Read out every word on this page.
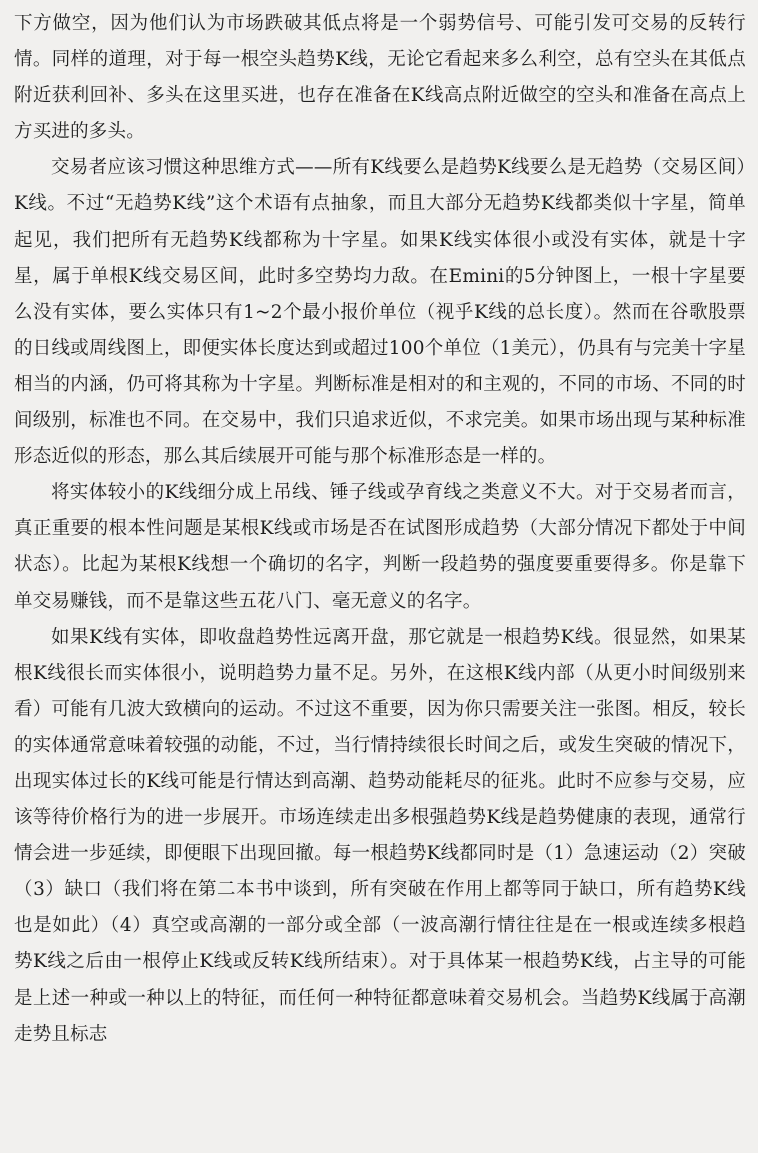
下方做空，因为他们认为市场跌破其低点将是一个弱势信号、可能引发可交易的反转行情。同样的道理，对于每一根空头趋势K线，无论它看起来多么利空，总有空头在其低点附近获利回补、多头在这里买进，也存在准备在K线高点附近做空的空头和准备在高点上方买进的多头。

交易者应该习惯这种思维方式——所有K线要么是趋势K线要么是无趋势（交易区间）K线。不过“无趋势K线”这个术语有点抽象，而且大部分无趋势K线都类似十字星，简单起见，我们把所有无趋势K线都称为十字星。如果K线实体很小或没有实体，就是十字星，属于单根K线交易区间，此时多空势均力敌。在Emini的5分钟图上，一根十字星要么没有实体，要么实体只有1~2个最小报价单位（视乎K线的总长度）。然而在谷歌股票的日线或周线图上，即便实体长度达到或超过100个单位（1美元），仍具有与完美十字星相当的内涵，仍可将其称为十字星。判断标准是相对的和主观的，不同的市场、不同的时间级别，标准也不同。在交易中，我们只追求近似，不求完美。如果市场出现与某种标准形态近似的形态，那么其后续展开可能与那个标准形态是一样的。

将实体较小的K线细分成上吊线、锤子线或孕育线之类意义不大。对于交易者而言，真正重要的根本性问题是某根K线或市场是否在试图形成趋势（大部分情况下都处于中间状态）。比起为某根K线想一个确切的名字，判断一段趋势的强度要重要得多。你是靠下单交易赚钱，而不是靠这些五花八门、毫无意义的名字。

如果K线有实体，即收盘趋势性远离开盘，那它就是一根趋势K线。很显然，如果某根K线很长而实体很小，说明趋势力量不足。另外，在这根K线内部（从更小时间级别来看）可能有几波大致横向的运动。不过这不重要，因为你只需要关注一张图。相反，较长的实体通常意味着较强的动能，不过，当行情持续很长时间之后，或发生突破的情况下，出现实体过长的K线可能是行情达到高潮、趋势动能耗尽的征兆。此时不应参与交易，应该等待价格行为的进一步展开。市场连续走出多根强趋势K线是趋势健康的表现，通常行情会进一步延续，即便眼下出现回撤。每一根趋势K线都同时是（1）急速运动（2）突破（3）缺口（我们将在第二本书中谈到，所有突破在作用上都等同于缺口，所有趋势K线也是如此）（4）真空或高潮的一部分或全部（一波高潮行情往往是在一根或连续多根趋势K线之后由一根停止K线或反转K线所结束）。对于具体某一根趋势K线，占主导的可能是上述一种或一种以上的特征，而任何一种特征都意味着交易机会。当趋势K线属于高潮走势且标志
